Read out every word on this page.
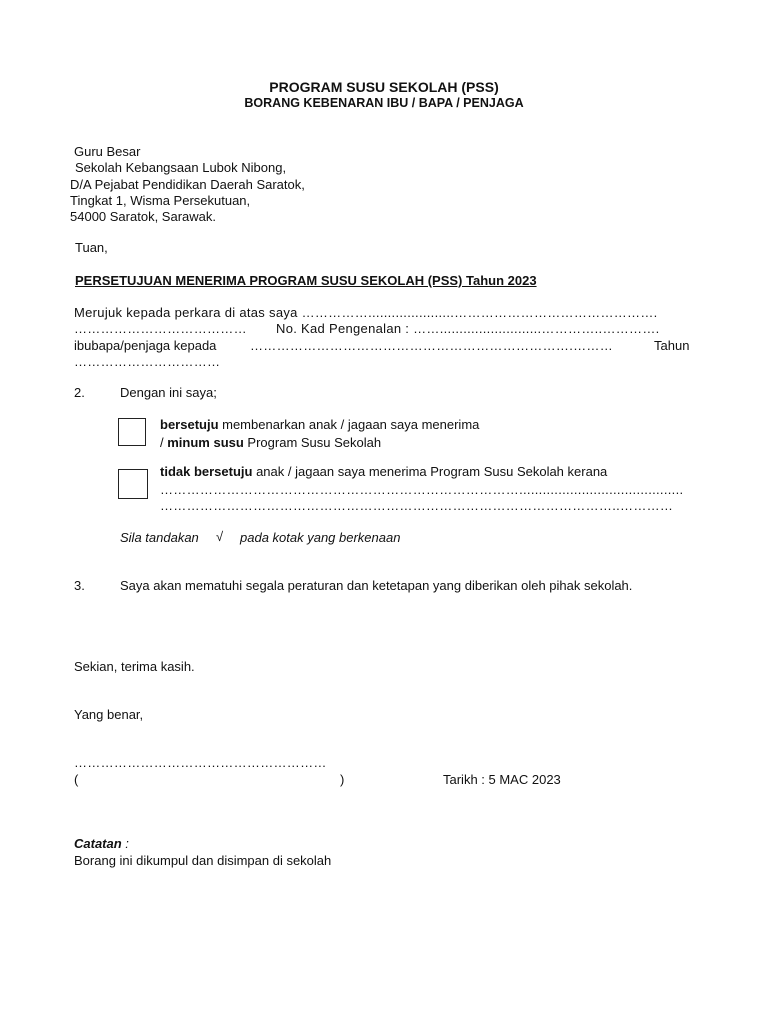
PROGRAM SUSU SEKOLAH (PSS)
BORANG KEBENARAN IBU / BAPA / PENJAGA
Guru Besar
Sekolah Kebangsaan Lubok Nibong,
D/A Pejabat Pendidikan Daerah Saratok,
Tingkat 1, Wisma Persekutuan,
54000 Saratok, Sarawak.
Tuan,
PERSETUJUAN MENERIMA PROGRAM SUSU SEKOLAH (PSS) Tahun 2023
Merujuk kepada perkara di atas saya ……………......................……………………………………….
………………………………… No. Kad Pengenalan : ……..........................…………..………….
ibubapa/penjaga kepada	……………………………………………………………….………	Tahun
……………………………
2.	Dengan ini saya;
bersetuju membenarkan anak / jagaan saya menerima
/ minum susu Program Susu Sekolah
tidak bersetuju anak / jagaan saya menerima Program Susu Sekolah kerana
………………………………………………………………………..........................................
…………………………………………………………………………………………..…………
Sila tandakan √ pada kotak yang berkenaan
3.	Saya akan mematuhi segala peraturan dan ketetapan yang diberikan oleh pihak sekolah.
Sekian, terima kasih.
Yang benar,
…………………………………………………
(	)	Tarikh : 5 MAC 2023
Catatan :
Borang ini dikumpul dan disimpan di sekolah
